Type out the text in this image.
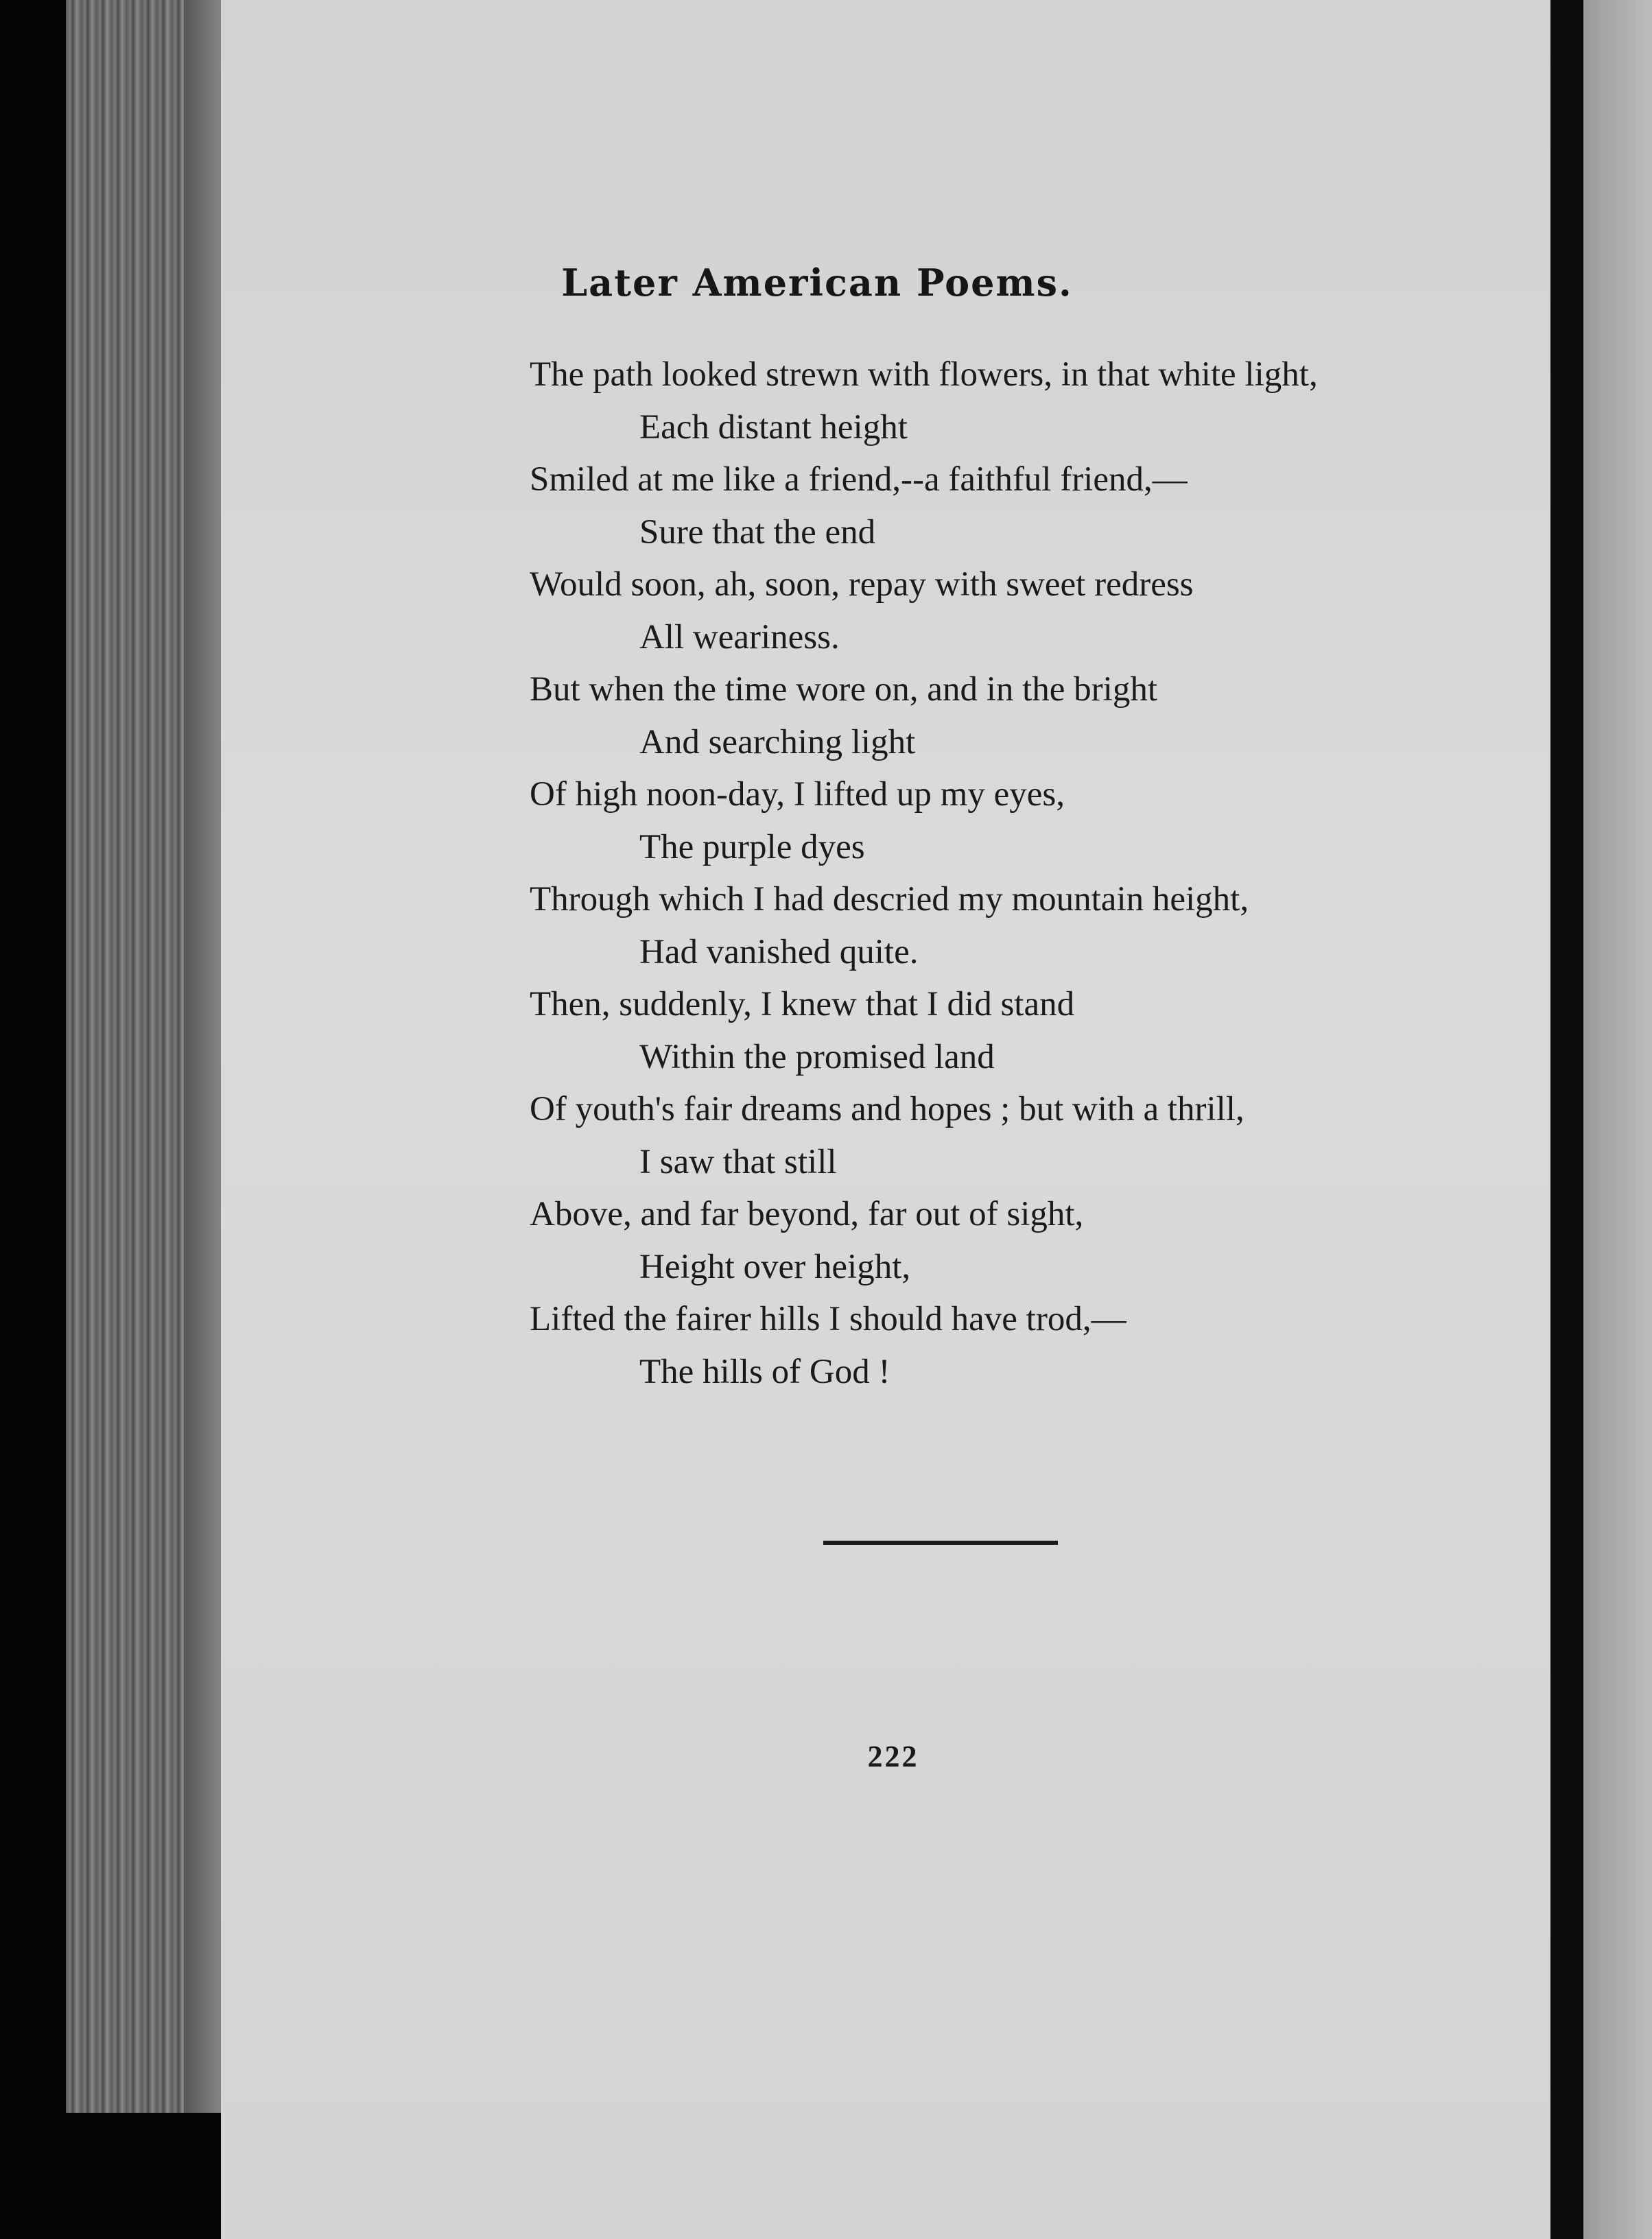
Later American Poems.
The path looked strewn with flowers, in that white light,
Each distant height
Smiled at me like a friend,--a faithful friend,—
Sure that the end
Would soon, ah, soon, repay with sweet redress
All weariness.
But when the time wore on, and in the bright
And searching light
Of high noon-day, I lifted up my eyes,
The purple dyes
Through which I had descried my mountain height,
Had vanished quite.
Then, suddenly, I knew that I did stand
Within the promised land
Of youth's fair dreams and hopes ; but with a thrill,
I saw that still
Above, and far beyond, far out of sight,
Height over height,
Lifted the fairer hills I should have trod,—
The hills of God !
222
